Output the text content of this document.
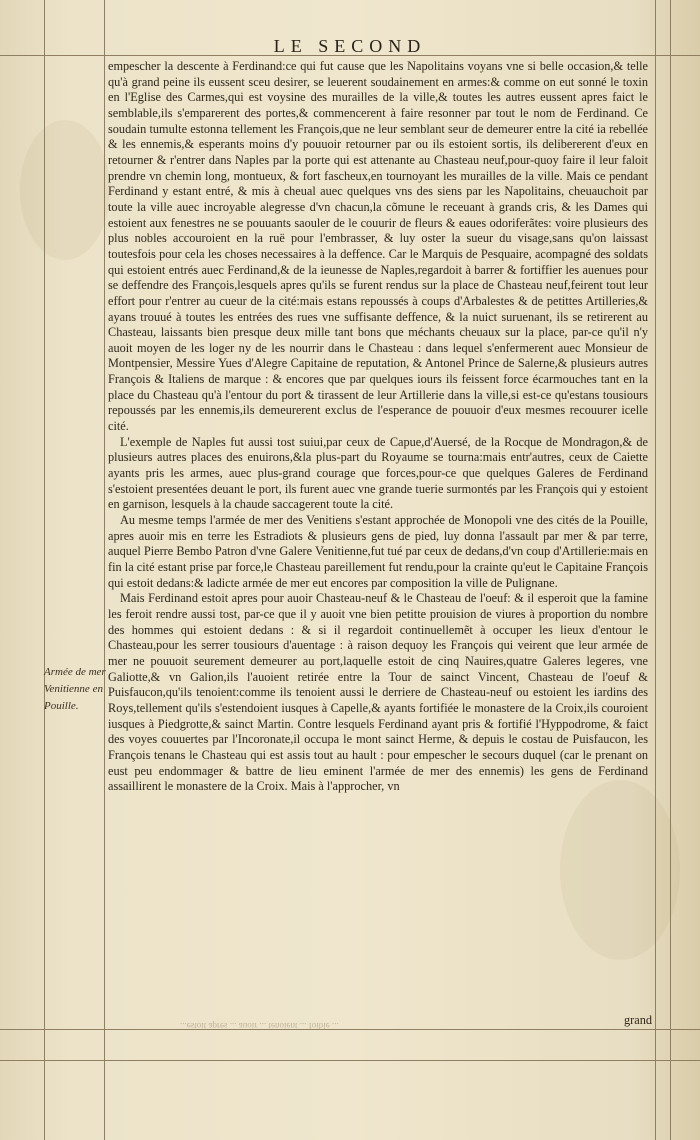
LE SECOND
Armée de mer Venitienne en Pouille.

empescher la descente à Ferdinand:ce qui fut cause que les Napolitains voyans vne si belle occasion,& telle qu'à grand peine ils eussent sceu desirer, se leuerent soudainement en armes:& comme on eut sonné le toxin en l'Eglise des Carmes,qui est voysine des murailles de la ville,& toutes les autres eussent apres faict le semblable,ils s'emparerent des portes,& commencerent à faire resonner par tout le nom de Ferdinand. Ce soudain tumulte estonna tellement les François,que ne leur semblant seur de demeurer entre la cité ia rebellée & les ennemis,& esperants moins d'y pouuoir retourner par ou ils estoient sortis, ils delibererent d'eux en retourner & r'entrer dans Naples par la porte qui est attenante au Chasteau neuf,pour-quoy faire il leur faloit prendre vn chemin long, montueux, & fort fascheux,en tournoyant les murailles de la ville. Mais ce pendant Ferdinand y estant entré, & mis à cheual auec quelques vns des siens par les Napolitains, cheuauchoit par toute la ville auec incroyable alegresse d'vn chacun,la cõmune le receuant à grands cris, & les Dames qui estoient aux fenestres ne se pouuants saouler de le couurir de fleurs & eaues odoriferãtes: voire plusieurs des plus nobles accouroient en la ruë pour l'embrasser, & luy oster la sueur du visage,sans qu'on laissast toutesfois pour cela les choses necessaires à la deffence. Car le Marquis de Pesquaire, acompagné des soldats qui estoient entrés auec Ferdinand,& de la ieunesse de Naples,regardoit à barrer & fortiffier les auenues pour se deffendre des François,lesquels apres qu'ils se furent rendus sur la place de Chasteau neuf,feirent tout leur effort pour r'entrer au cueur de la cité:mais estans repoussés à coups d'Arbalestes & de petittes Artilleries,& ayans trouué à toutes les entrées des rues vne suffisante deffence, & la nuict suruenant, ils se retirerent au Chasteau, laissants bien presque deux mille tant bons que méchants cheuaux sur la place, par-ce qu'il n'y auoit moyen de les loger ny de les nourrir dans le Chasteau : dans lequel s'enfermerent auec Monsieur de Montpensier, Messire Yues d'Alegre Capitaine de reputation, & Antonel Prince de Salerne,& plusieurs autres François & Italiens de marque : & encores que par quelques iours ils feissent force écarmouches tant en la place du Chasteau qu'à l'entour du port & tirassent de leur Artillerie dans la ville,si est-ce qu'estans tousiours repoussés par les ennemis,ils demeurerent exclus de l'esperance de pouuoir d'eux mesmes recouurer icelle cité.

L'exemple de Naples fut aussi tost suiui,par ceux de Capue,d'Auersé, de la Rocque de Mondragon,& de plusieurs autres places des enuirons,&la plus-part du Royaume se tourna:mais entr'autres, ceux de Caiette ayants pris les armes, auec plus-grand courage que forces,pour-ce que quelques Galeres de Ferdinand s'estoient presentées deuant le port, ils furent auec vne grande tuerie surmontés par les François qui y estoient en garnison, lesquels à la chaude saccagerent toute la cité.

Au mesme temps l'armée de mer des Venitiens s'estant approchée de Monopoli vne des cités de la Pouille, apres auoir mis en terre les Estradiots & plusieurs gens de pied, luy donna l'assault par mer & par terre, auquel Pierre Bembo Patron d'vne Galere Venitienne,fut tué par ceux de dedans,d'vn coup d'Artillerie:mais en fin la cité estant prise par force,le Chasteau pareillement fut rendu,pour la crainte qu'eut le Capitaine François qui estoit dedans:& ladicte armée de mer eut encores par composition la ville de Pulignane.

Mais Ferdinand estoit apres pour auoir Chasteau-neuf & le Chasteau de l'oeuf: & il esperoit que la famine les feroit rendre aussi tost, par-ce que il y auoit vne bien petitte prouision de viures à proportion du nombre des hommes qui estoient dedans : & si il regardoit continuellemẽt à occuper les lieux d'entour le Chasteau,pour les serrer tousiours d'auentage : à raison dequoy les François qui veirent que leur armée de mer ne pouuoit seurement demeurer au port,laquelle estoit de cinq Nauires,quatre Galeres legeres, vne Galiotte,& vn Galion,ils l'auoient retirée entre la Tour de sainct Vincent, Chasteau de l'oeuf & Puisfaucon,qu'ils tenoient:comme ils tenoient aussi le derriere de Chasteau-neuf ou estoient les iardins des Roys,tellement qu'ils s'estendoient iusques à Capelle,& ayants fortifiée le monastere de la Croix,ils couroient iusques à Piedgrotte,& sainct Martin. Contre lesquels Ferdinand ayant pris & fortifié l'Hyppodrome, & faict des voyes couuertes par l'Incoronate,il occupa le mont sainct Herme, & depuis le costau de Puisfaucon, les François tenans le Chasteau qui est assis tout au hault : pour empescher le secours duquel (car le prenant on eust peu endommager & battre de lieu eminent l'armée de mer des ennemis) les gens de Ferdinand assaillirent le monastere de la Croix. Mais à l'approcher, vn

grand
...estoit apres ... auoir ... tenoient ... foible ...
